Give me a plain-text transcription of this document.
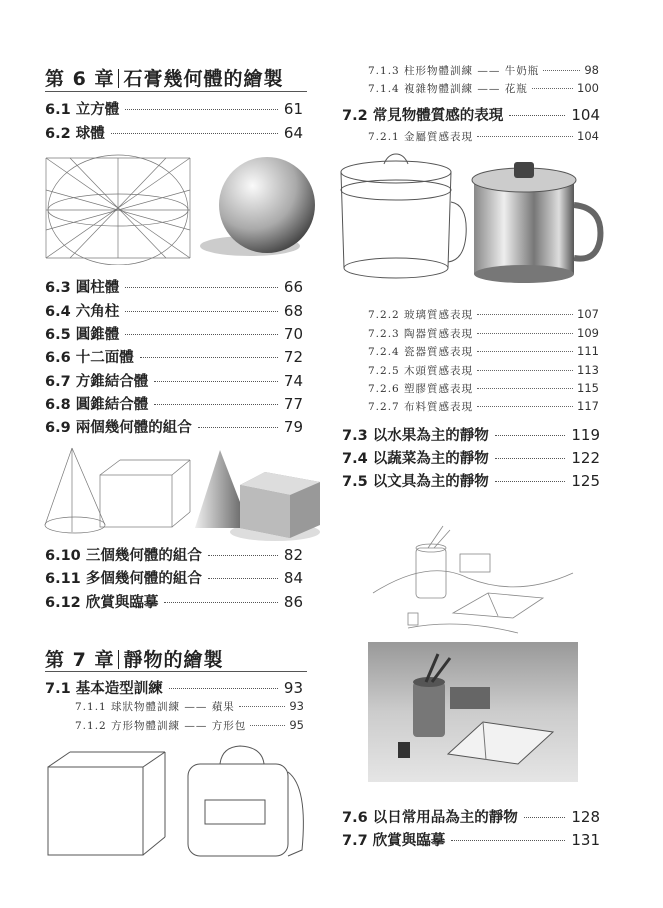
第 6 章 石膏幾何體的繪製
6.1 立方體	61
6.2 球體	64
6.3 圓柱體	66
6.4 六角柱	68
6.5 圓錐體	70
6.6 十二面體	72
6.7 方錐結合體	74
6.8 圓錐結合體	77
6.9 兩個幾何體的組合	79
6.10 三個幾何體的組合	82
6.11 多個幾何體的組合	84
6.12 欣賞與臨摹	86
第 7 章 靜物的繪製
7.1 基本造型訓練	93
7.1.1 球狀物體訓練 —— 蘋果	93
7.1.2 方形物體訓練 —— 方形包	95
7.1.3 柱形物體訓練 —— 牛奶瓶	98
7.1.4 複雜物體訓練 —— 花瓶	100
7.2 常見物體質感的表現	104
7.2.1 金屬質感表現	104
7.2.2 玻璃質感表現	107
7.2.3 陶器質感表現	109
7.2.4 瓷器質感表現	111
7.2.5 木頭質感表現	113
7.2.6 塑膠質感表現	115
7.2.7 布料質感表現	117
7.3 以水果為主的靜物	119
7.4 以蔬菜為主的靜物	122
7.5 以文具為主的靜物	125
7.6 以日常用品為主的靜物	128
7.7 欣賞與臨摹	131
